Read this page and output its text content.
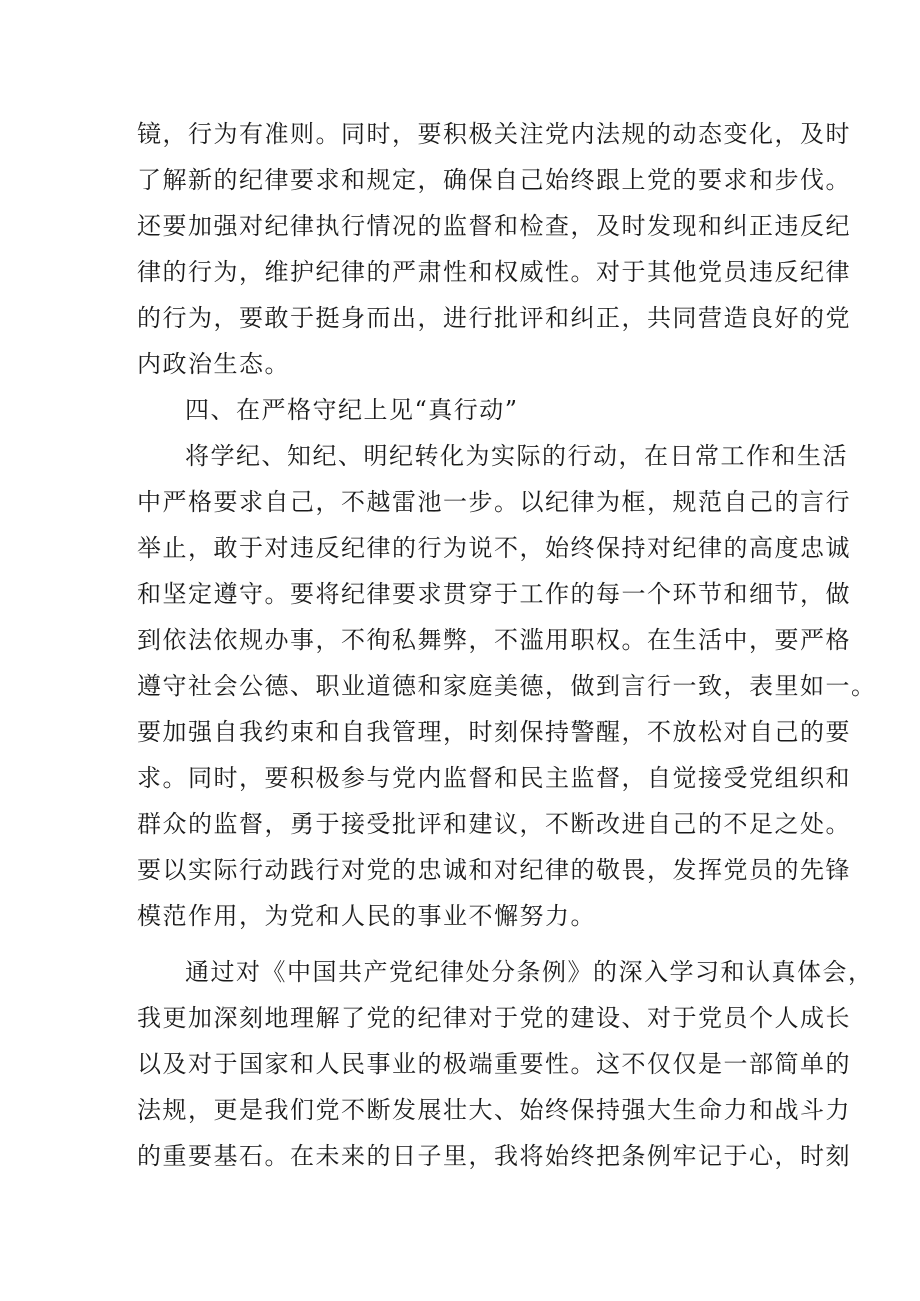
镜，行为有准则。同时，要积极关注党内法规的动态变化，及时
了解新的纪律要求和规定，确保自己始终跟上党的要求和步伐。
还要加强对纪律执行情况的监督和检查，及时发现和纠正违反纪
律的行为，维护纪律的严肃性和权威性。对于其他党员违反纪律
的行为，要敢于挺身而出，进行批评和纠正，共同营造良好的党
内政治生态。
四、在严格守纪上见“真行动”
将学纪、知纪、明纪转化为实际的行动，在日常工作和生活
中严格要求自己，不越雷池一步。以纪律为框，规范自己的言行
举止，敢于对违反纪律的行为说不，始终保持对纪律的高度忠诚
和坚定遵守。要将纪律要求贯穿于工作的每一个环节和细节，做
到依法依规办事，不徇私舞弊，不滥用职权。在生活中，要严格
遵守社会公德、职业道德和家庭美德，做到言行一致，表里如一。
要加强自我约束和自我管理，时刻保持警醒，不放松对自己的要
求。同时，要积极参与党内监督和民主监督，自觉接受党组织和
群众的监督，勇于接受批评和建议，不断改进自己的不足之处。
要以实际行动践行对党的忠诚和对纪律的敬畏，发挥党员的先锋
模范作用，为党和人民的事业不懈努力。
通过对《中国共产党纪律处分条例》的深入学习和认真体会，
我更加深刻地理解了党的纪律对于党的建设、对于党员个人成长
以及对于国家和人民事业的极端重要性。这不仅仅是一部简单的
法规，更是我们党不断发展壮大、始终保持强大生命力和战斗力
的重要基石。在未来的日子里，我将始终把条例牢记于心，时刻
